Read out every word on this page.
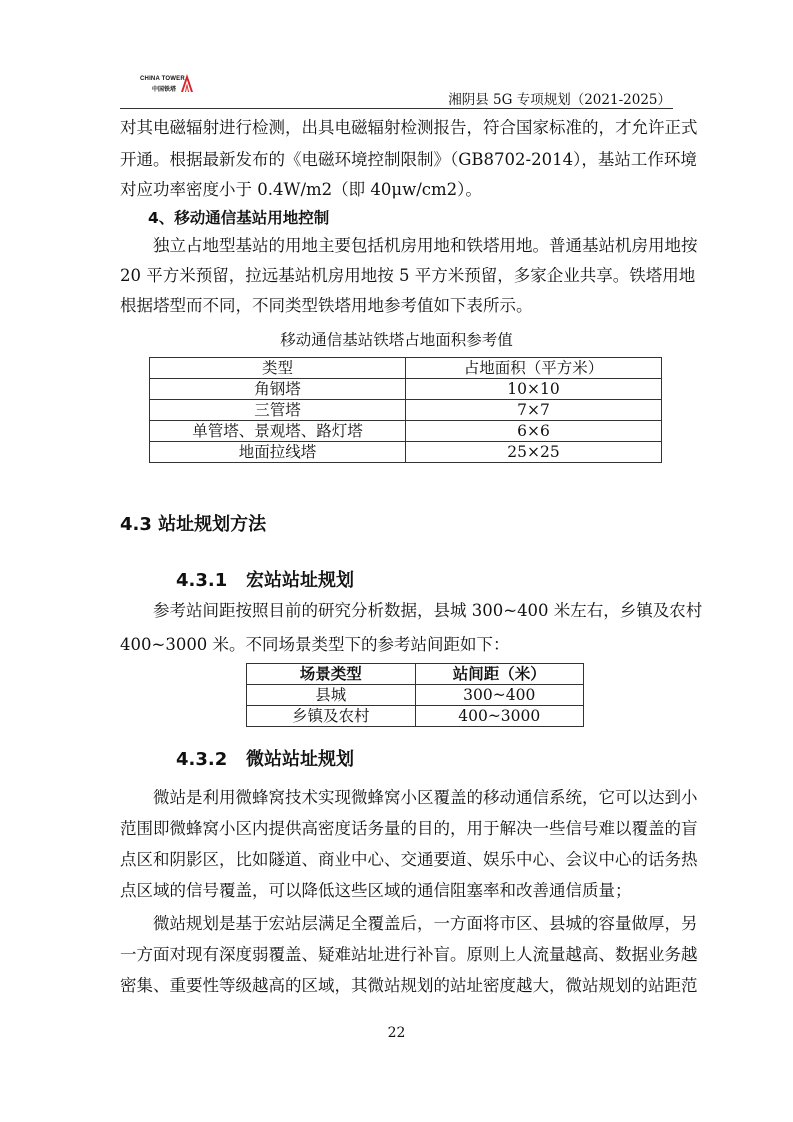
CHINA TOWER
中国铁塔
湘阴县 5G 专项规划（2021-2025）
对其电磁辐射进行检测，出具电磁辐射检测报告，符合国家标准的，才允许正式
开通。根据最新发布的《电磁环境控制限制》（GB8702-2014），基站工作环境
对应功率密度小于 0.4W/m2（即 40μw/cm2）。
4、移动通信基站用地控制
独立占地型基站的用地主要包括机房用地和铁塔用地。普通基站机房用地按
20 平方米预留，拉远基站机房用地按 5 平方米预留，多家企业共享。铁塔用地
根据塔型而不同，不同类型铁塔用地参考值如下表所示。
移动通信基站铁塔占地面积参考值
类型	占地面积（平方米）
角钢塔	10×10
三管塔	7×7
单管塔、景观塔、路灯塔	6×6
地面拉线塔	25×25
4.3 站址规划方法
4.3.1   宏站站址规划
参考站间距按照目前的研究分析数据，县城 300~400 米左右，乡镇及农村
400~3000 米。不同场景类型下的参考站间距如下：
场景类型	站间距（米）
县城	300~400
乡镇及农村	400~3000
4.3.2   微站站址规划
微站是利用微蜂窝技术实现微蜂窝小区覆盖的移动通信系统，它可以达到小
范围即微蜂窝小区内提供高密度话务量的目的，用于解决一些信号难以覆盖的盲
点区和阴影区，比如隧道、商业中心、交通要道、娱乐中心、会议中心的话务热
点区域的信号覆盖，可以降低这些区域的通信阻塞率和改善通信质量；
微站规划是基于宏站层满足全覆盖后，一方面将市区、县城的容量做厚，另
一方面对现有深度弱覆盖、疑难站址进行补盲。原则上人流量越高、数据业务越
密集、重要性等级越高的区域，其微站规划的站址密度越大，微站规划的站距范
22
